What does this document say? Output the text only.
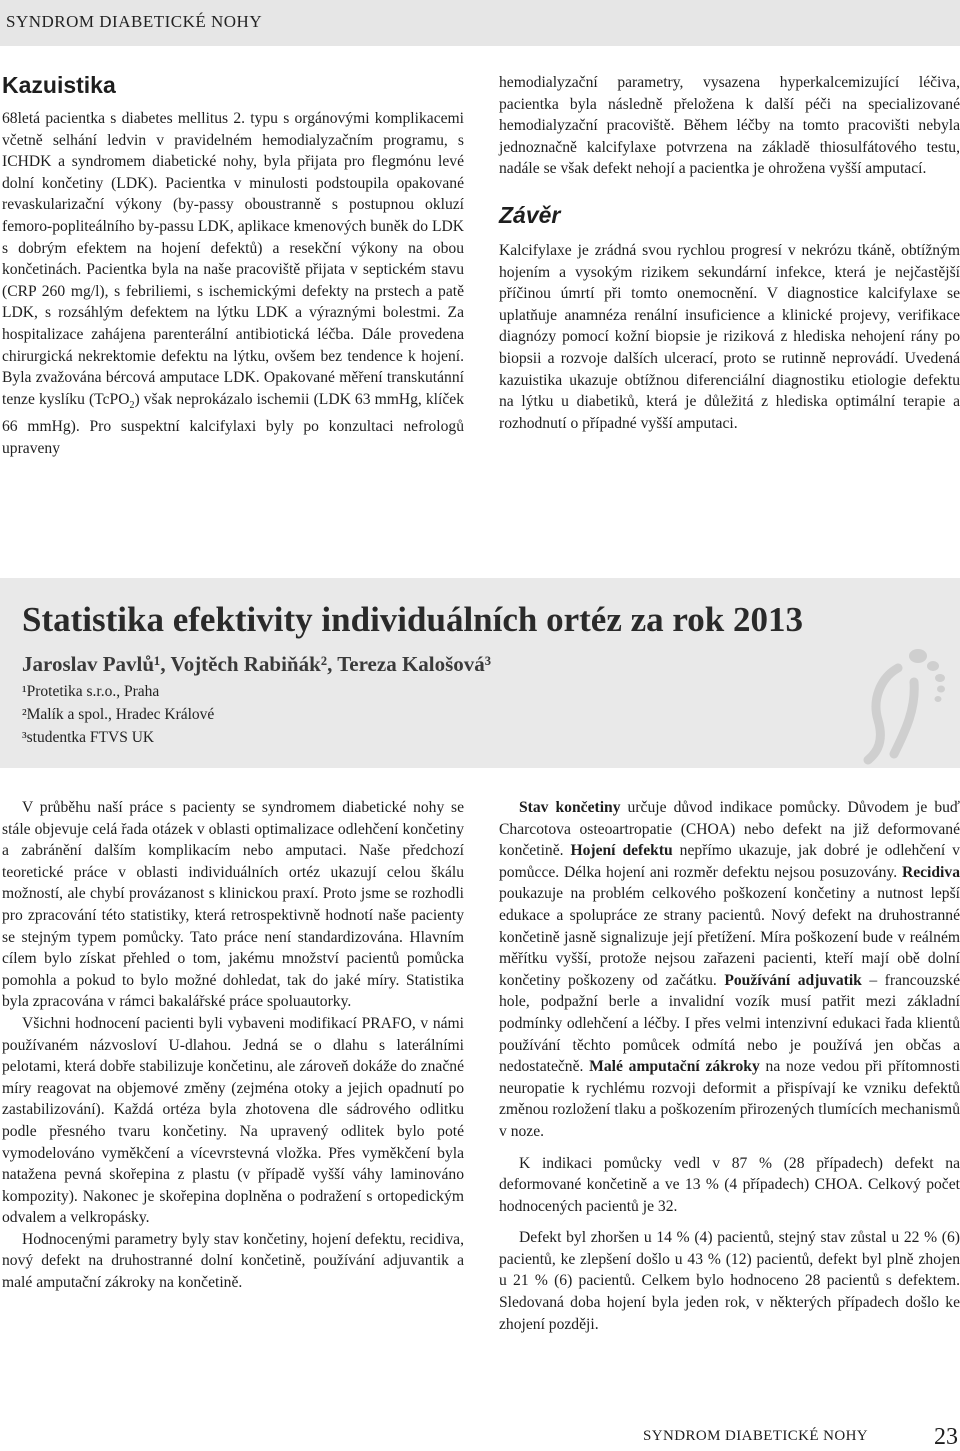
SYNDROM DIABETICKÉ NOHY
Kazuistika

68letá pacientka s diabetes mellitus 2. typu s orgánovými komplikacemi včetně selhání ledvin v pravidelném hemodialyzačním programu, s ICHDK a syndromem diabetické nohy, byla přijata pro flegmónu levé dolní končetiny (LDK). Pacientka v minulosti podstoupila opakované revaskularizační výkony (by-passy oboustranně s postupnou okluzí femoro-popliteálního by-passu LDK, aplikace kmenových buněk do LDK s dobrým efektem na hojení defektů) a resekční výkony na obou končetinách. Pacientka byla na naše pracoviště přijata v septickém stavu (CRP 260 mg/l), s febriliemi, s ischemickými defekty na prstech a patě LDK, s rozsáhlým defektem na lýtku LDK a výraznými bolestmi. Za hospitalizace zahájena parenterální antibiotická léčba. Dále provedena chirurgická nekrektomie defektu na lýtku, ovšem bez tendence k hojení. Byla zvažována bércová amputace LDK. Opakované měření transkutánní tenze kyslíku (TcPO$_2$) však neprokázalo ischemii (LDK 63 mmHg, klíček 66 mmHg). Pro suspektní kalcifylaxi byly po konzultaci nefrologů upraveny

hemodialyzační parametry, vysazena hyperkalcemizující léčiva, pacientka byla následně přeložena k další péči na specializované hemodialyzační pracoviště. Během léčby na tomto pracovišti nebyla jednoznačně kalcifylaxe potvrzena na základě thiosulfátového testu, nadále se však defekt nehojí a pacientka je ohrožena vyšší amputací.

Závěr

Kalcifylaxe je zrádná svou rychlou progresí v nekrózu tkáně, obtížným hojením a vysokým rizikem sekundární infekce, která je nejčastější příčinou úmrtí při tomto onemocnění. V diagnostice kalcifylaxe se uplatňuje anamnéza renální insuficience a klinické projevy, verifikace diagnózy pomocí kožní biopsie je riziková z hlediska nehojení rány po biopsii a rozvoje dalších ulcerací, proto se rutinně neprovádí. Uvedená kazuistika ukazuje obtížnou diferenciální diagnostiku etiologie defektu na lýtku u diabetiků, která je důležitá z hlediska optimální terapie a rozhodnutí o případné vyšší amputaci.

Statistika efektivity individuálních ortéz za rok 2013

Jaroslav Pavlů¹, Vojtěch Rabiňák², Tereza Kalošová³

¹Protetika s.r.o., Praha
²Malík a spol., Hradec Králové
³studentka FTVS UK

V průběhu naší práce s pacienty se syndromem diabetické nohy se stále objevuje celá řada otázek v oblasti optimalizace odlehčení končetiny a zabránění dalším komplikacím nebo amputaci. Naše předchozí teoretické práce v oblasti individuálních ortéz ukazují celou škálu možností, ale chybí provázanost s klinickou praxí. Proto jsme se rozhodli pro zpracování této statistiky, která retrospektivně hodnotí naše pacienty se stejným typem pomůcky. Tato práce není standardizována. Hlavním cílem bylo získat přehled o tom, jakému množství pacientů pomůcka pomohla a pokud to bylo možné dohledat, tak do jaké míry. Statistika byla zpracována v rámci bakalářské práce spoluautorky.

Všichni hodnocení pacienti byli vybaveni modifikací PRAFO, v námi používaném názvosloví U-dlahou. Jedná se o dlahu s laterálními pelotami, která dobře stabilizuje končetinu, ale zároveň dokáže do značné míry reagovat na objemové změny (zejména otoky a jejich opadnutí po zastabilizování). Každá ortéza byla zhotovena dle sádrového odlitku podle přesného tvaru končetiny. Na upravený odlitek bylo poté vymodelováno vyměkčení a vícevrstevná vložka. Přes vyměkčení byla natažena pevná skořepina z plastu (v případě vyšší váhy laminováno kompozity). Nakonec je skořepina doplněna o podražení s ortopedickým odvalem a velkropásky.

Hodnocenými parametry byly stav končetiny, hojení defektu, recidiva, nový defekt na druhostranné dolní končetině, používání adjuvantik a malé amputační zákroky na končetině.

Stav končetiny určuje důvod indikace pomůcky. Důvodem je buď Charcotova osteoartropatie (CHOA) nebo defekt na již deformované končetině. Hojení defektu nepřímo ukazuje, jak dobré je odlehčení v pomůcce. Délka hojení ani rozměr defektu nejsou posuzovány. Recidiva poukazuje na problém celkového poškození končetiny a nutnost lepší edukace a spolupráce ze strany pacientů. Nový defekt na druhostranné končetině jasně signalizuje její přetížení. Míra poškození bude v reálném měřítku vyšší, protože nejsou zařazeni pacienti, kteří mají obě dolní končetiny poškozeny od začátku. Používání adjuvatik – francouzské hole, podpažní berle a invalidní vozík musí patřit mezi základní podmínky odlehčení a léčby. I přes velmi intenzivní edukaci řada klientů používání těchto pomůcek odmítá nebo je používá jen občas a nedostatečně. Malé amputační zákroky na noze vedou při přítomnosti neuropatie k rychlému rozvoji deformit a přispívají ke vzniku defektů změnou rozložení tlaku a poškozením přirozených tlumících mechanismů v noze.

K indikaci pomůcky vedl v 87 % (28 případech) defekt na deformované končetině a ve 13 % (4 případech) CHOA. Celkový počet hodnocených pacientů je 32.

Defekt byl zhoršen u 14 % (4) pacientů, stejný stav zůstal u 22 % (6) pacientů, ke zlepšení došlo u 43 % (12) pacientů, defekt byl plně zhojen u 21 % (6) pacientů. Celkem bylo hodnoceno 28 pacientů s defektem. Sledovaná doba hojení byla jeden rok, v některých případech došlo ke zhojení později.

SYNDROM DIABETICKÉ NOHY	23
